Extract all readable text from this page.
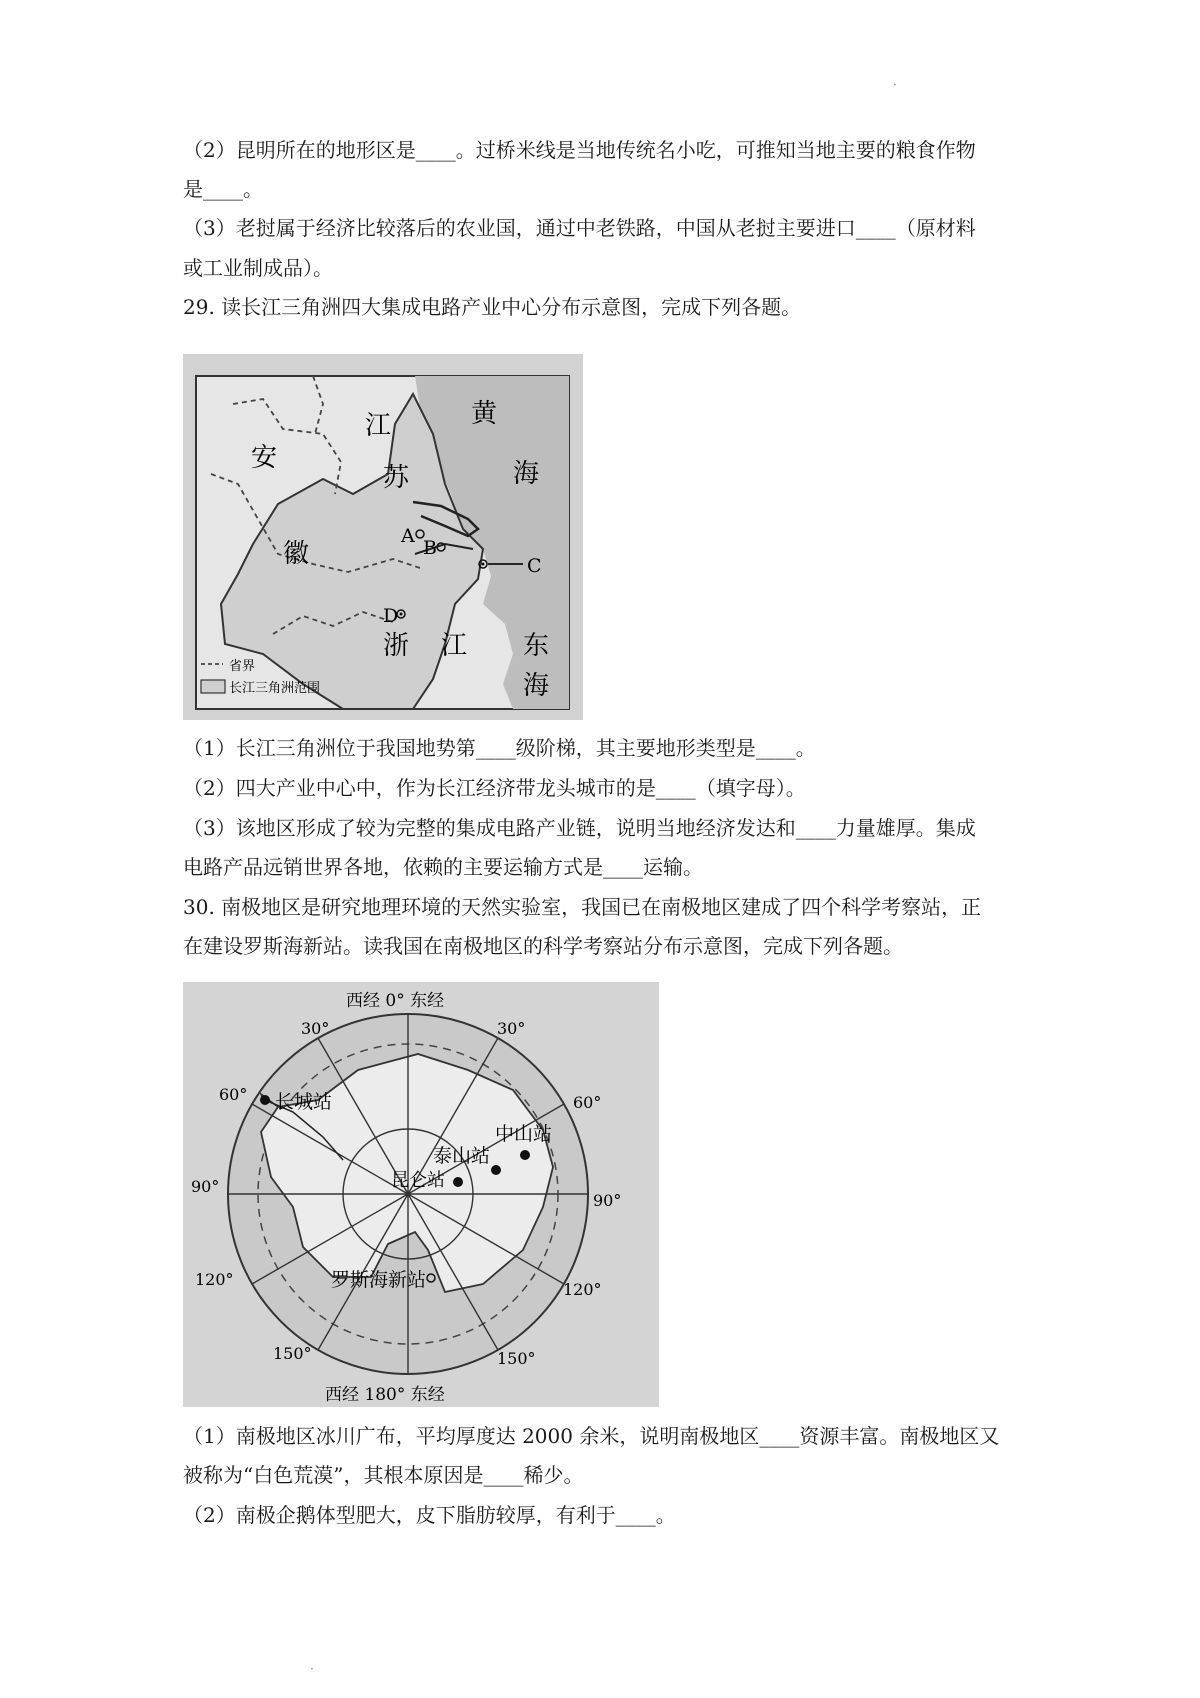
·

（2）昆明所在的地形区是____。过桥米线是当地传统名小吃，可推知当地主要的粮食作物

是____。

（3）老挝属于经济比较落后的农业国，通过中老铁路，中国从老挝主要进口____（原材料

或工业制成品）。

29. 读长江三角洲四大集成电路产业中心分布示意图，完成下列各题。

江
苏
安
徽
黄
海
浙 江 东
海
A
B
C
D
省界
长江三角洲范围

（1）长江三角洲位于我国地势第____级阶梯，其主要地形类型是____。

（2）四大产业中心中，作为长江经济带龙头城市的是____（填字母）。

（3）该地区形成了较为完整的集成电路产业链，说明当地经济发达和____力量雄厚。集成

电路产品远销世界各地，依赖的主要运输方式是____运输。

30. 南极地区是研究地理环境的天然实验室，我国已在南极地区建成了四个科学考察站，正

在建设罗斯海新站。读我国在南极地区的科学考察站分布示意图，完成下列各题。

长城站
泰山站
中山站
昆仑站
罗斯海新站
西经 0° 东经
西经 180° 东经
30°	30°
60°	60°
90°
90°
120°
120°
150°	150°

（1）南极地区冰川广布，平均厚度达 2000 余米，说明南极地区____资源丰富。南极地区又

被称为“白色荒漠”，其根本原因是____稀少。

（2）南极企鹅体型肥大，皮下脂肪较厚，有利于____。

·
